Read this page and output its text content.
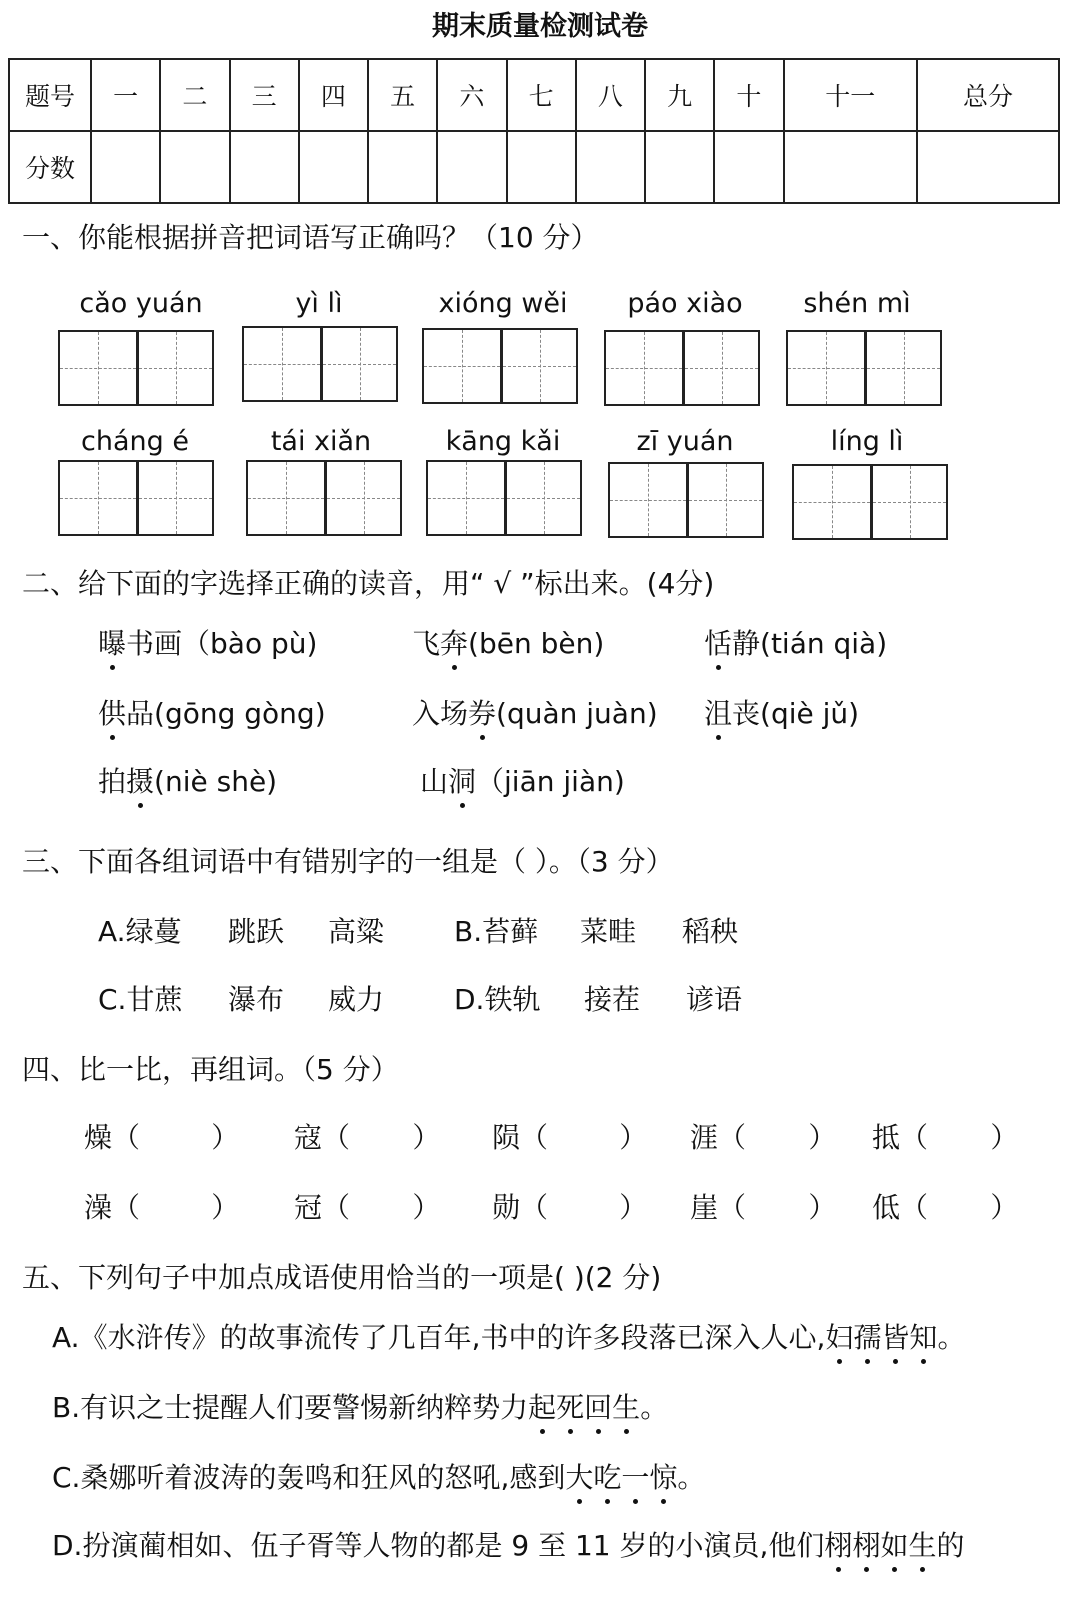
期末质量检测试卷
题号	一	二	三	四	五	六	七	八	九	十	十一	总分
分数												
一、你能根据拼音把词语写正确吗？（10 分）
cǎo yuán	yì lì	xióng wěi	páo xiào	shén mì
cháng é	tái xiǎn	kāng kǎi	zī yuán	líng lì
二、给下面的字选择正确的读音，用“ √ ”标出来。(4分)
曝书画（bào pù)	飞奔(bēn bèn)	恬静(tián qià)
供品(gōng gòng)	入场券(quàn juàn) 沮丧(qiè jǔ)
拍摄(niè shè)	山洞（jiān jiàn)
三、下面各组词语中有错别字的一组是（ ）。（3 分）
A.绿蔓 跳跃 高粱 B.苔藓 菜畦 稻秧
C.甘蔗 瀑布 威力 D.铁轨 接茬 谚语
四、比一比，再组词。（5 分）
燥（        ） 寇（       ） 陨（        ） 涯（       ） 抵（       ）
澡（        ） 冠（       ） 勋（        ） 崖（       ） 低（       ）
五、下列句子中加点成语使用恰当的一项是( )(2 分)
A.《水浒传》的故事流传了几百年,书中的许多段落已深入人心,妇孺皆知。
B.有识之士提醒人们要警惕新纳粹势力起死回生。
C.桑娜听着波涛的轰鸣和狂风的怒吼,感到大吃一惊。
D.扮演蔺相如、伍子胥等人物的都是 9 至 11 岁的小演员,他们栩栩如生的
